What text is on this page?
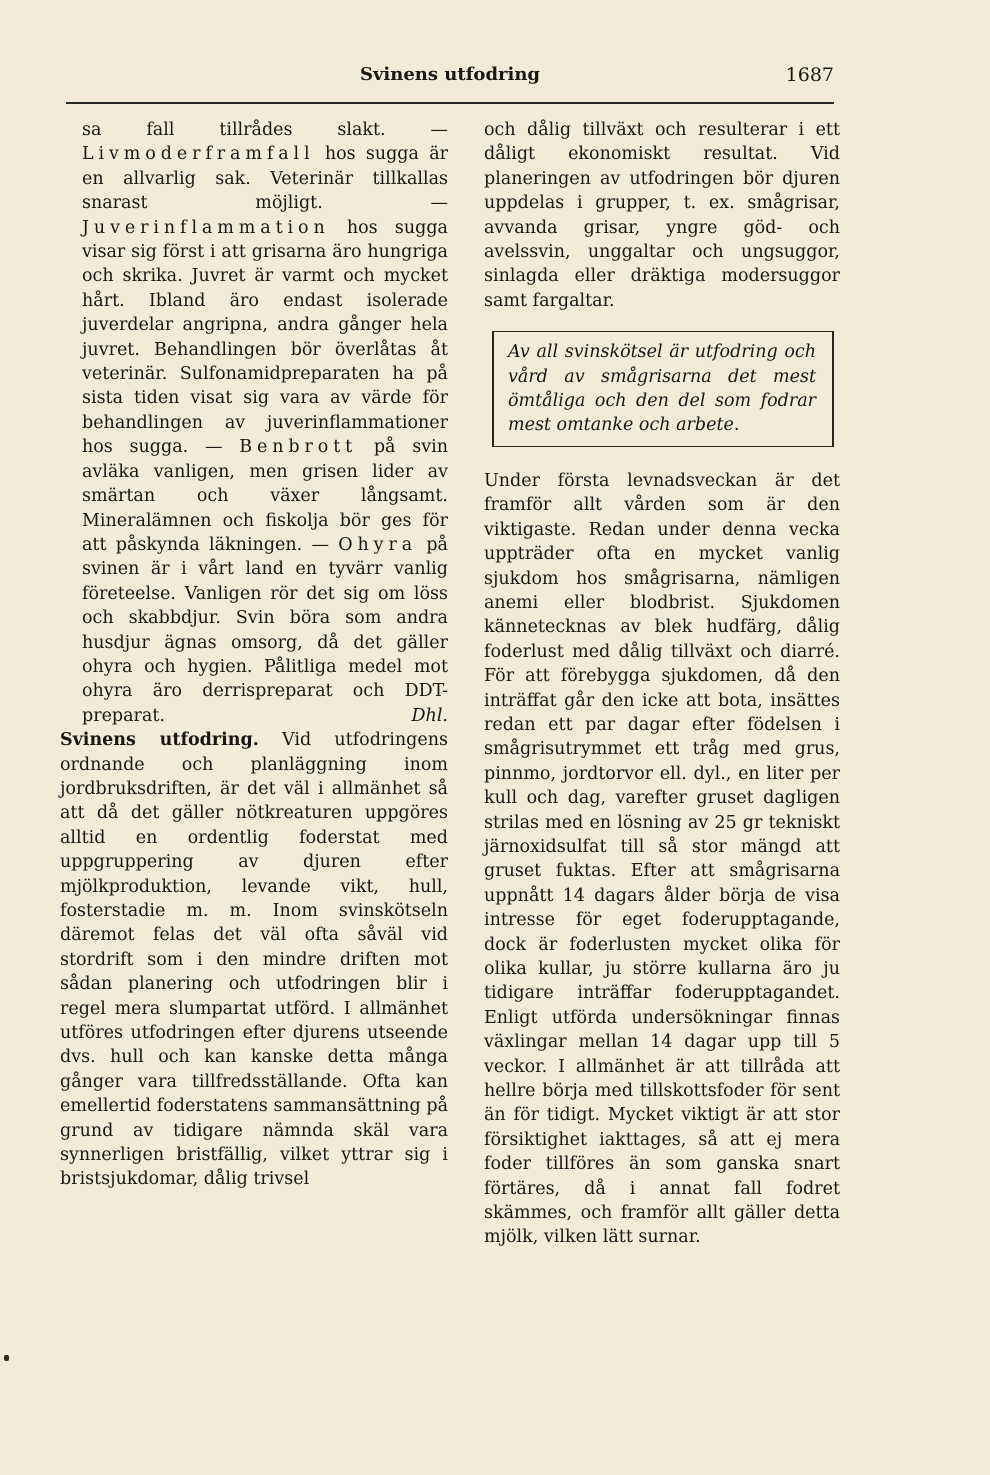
Svinens utfodring	1687

sa fall tillrådes slakt. — Livmoderframfall hos sugga är en allvarlig sak. Veterinär tillkallas snarast möjligt. — Juverinflammation hos sugga visar sig först i att grisarna äro hungriga och skrika. Juvret är varmt och mycket hårt. Ibland äro endast isolerade juverdelar angripna, andra gånger hela juvret. Behandlingen bör överlåtas åt veterinär. Sulfonamidpreparaten ha på sista tiden visat sig vara av värde för behandlingen av juverinflammationer hos sugga. — Benbrott på svin avläka vanligen, men grisen lider av smärtan och växer långsamt. Mineralämnen och fiskolja bör ges för att påskynda läkningen. — Ohyra på svinen är i vårt land en tyvärr vanlig företeelse. Vanligen rör det sig om löss och skabbdjur. Svin böra som andra husdjur ägnas omsorg, då det gäller ohyra och hygien. Pålitliga medel mot ohyra äro derrispreparat och DDT-preparat.	Dhl.

Svinens utfodring. Vid utfodringens ordnande och planläggning inom jordbruksdriften, är det väl i allmänhet så att då det gäller nötkreaturen uppgöres alltid en ordentlig foderstat med uppgruppering av djuren efter mjölkproduktion, levande vikt, hull, fosterstadie m. m. Inom svinskötseln däremot felas det väl ofta såväl vid stordrift som i den mindre driften mot sådan planering och utfodringen blir i regel mera slumpartat utförd. I allmänhet utföres utfodringen efter djurens utseende dvs. hull och kan kanske detta många gånger vara tillfredsställande. Ofta kan emellertid foderstatens sammansättning på grund av tidigare nämnda skäl vara synnerligen bristfällig, vilket yttrar sig i bristsjukdomar, dålig trivsel

och dålig tillväxt och resulterar i ett dåligt ekonomiskt resultat. Vid planeringen av utfodringen bör djuren uppdelas i grupper, t. ex. smågrisar, avvanda grisar, yngre göd- och avelssvin, unggaltar och ungsuggor, sinlagda eller dräktiga modersuggor samt fargaltar.

Av all svinskötsel är utfodring och vård av smågrisarna det mest ömtåliga och den del som fodrar mest omtanke och arbete.

Under första levnadsveckan är det framför allt vården som är den viktigaste. Redan under denna vecka uppträder ofta en mycket vanlig sjukdom hos smågrisarna, nämligen anemi eller blodbrist. Sjukdomen kännetecknas av blek hudfärg, dålig foderlust med dålig tillväxt och diarré. För att förebygga sjukdomen, då den inträffat går den icke att bota, insättes redan ett par dagar efter födelsen i smågrisutrymmet ett tråg med grus, pinnmo, jordtorvor ell. dyl., en liter per kull och dag, varefter gruset dagligen strilas med en lösning av 25 gr tekniskt järnoxidsulfat till så stor mängd att gruset fuktas. Efter att smågrisarna uppnått 14 dagars ålder börja de visa intresse för eget foderupptagande, dock är foderlusten mycket olika för olika kullar, ju större kullarna äro ju tidigare inträffar foderupptagandet. Enligt utförda undersökningar finnas växlingar mellan 14 dagar upp till 5 veckor. I allmänhet är att tillråda att hellre börja med tillskottsfoder för sent än för tidigt. Mycket viktigt är att stor försiktighet iakttages, så att ej mera foder tillföres än som ganska snart förtäres, då i annat fall fodret skämmes, och framför allt gäller detta mjölk, vilken lätt surnar.
